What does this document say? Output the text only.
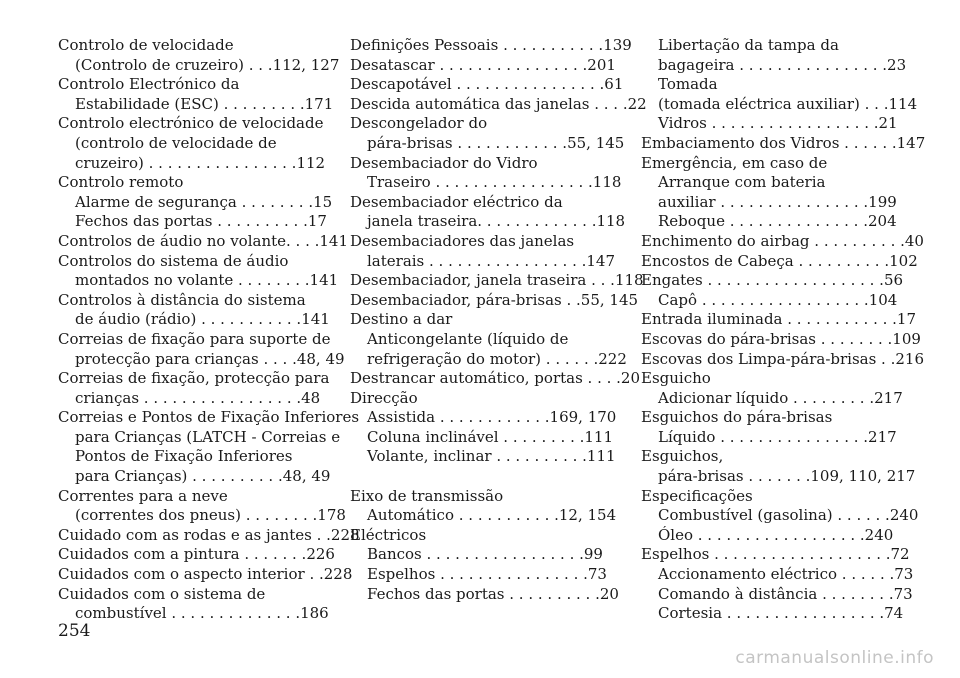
Controlo de velocidade
(Controlo de cruzeiro) . . .112, 127
Controlo Electrónico da
Estabilidade (ESC) . . . . . . . . .171
Controlo electrónico de velocidade
(controlo de velocidade de
cruzeiro) . . . . . . . . . . . . . . . .112
Controlo remoto
Alarme de segurança . . . . . . . .15
Fechos das portas . . . . . . . . . .17
Controlos de áudio no volante. . . .141
Controlos do sistema de áudio
montados no volante . . . . . . . .141
Controlos à distância do sistema
de áudio (rádio) . . . . . . . . . . .141
Correias de fixação para suporte de
protecção para crianças . . . .48, 49
Correias de fixação, protecção para
crianças . . . . . . . . . . . . . . . . .48
Correias e Pontos de Fixação Inferiores
para Crianças (LATCH - Correias e
Pontos de Fixação Inferiores
para Crianças) . . . . . . . . . .48, 49
Correntes para a neve
(correntes dos pneus) . . . . . . . .178
Cuidado com as rodas e as jantes . .228
Cuidados com a pintura . . . . . . .226
Cuidados com o aspecto interior . .228
Cuidados com o sistema de
combustível . . . . . . . . . . . . . .186
Definições Pessoais . . . . . . . . . . .139
Desatascar . . . . . . . . . . . . . . . .201
Descapotável . . . . . . . . . . . . . . . .61
Descida automática das janelas . . . .22
Descongelador do
pára-brisas . . . . . . . . . . . .55, 145
Desembaciador do Vidro
Traseiro . . . . . . . . . . . . . . . . .118
Desembaciador eléctrico da
janela traseira. . . . . . . . . . . . .118
Desembaciadores das janelas
laterais . . . . . . . . . . . . . . . . .147
Desembaciador, janela traseira . . .118
Desembaciador, pára-brisas . .55, 145
Destino a dar
Anticongelante (líquido de
refrigeração do motor) . . . . . .222
Destrancar automático, portas . . . .20
Direcção
Assistida . . . . . . . . . . . .169, 170
Coluna inclinável . . . . . . . . .111
Volante, inclinar . . . . . . . . . .111
Eixo de transmissão
Automático . . . . . . . . . . .12, 154
Eléctricos
Bancos . . . . . . . . . . . . . . . . .99
Espelhos . . . . . . . . . . . . . . . .73
Fechos das portas . . . . . . . . . .20
Libertação da tampa da
bagageira . . . . . . . . . . . . . . . .23
Tomada
(tomada eléctrica auxiliar) . . .114
Vidros . . . . . . . . . . . . . . . . . .21
Embaciamento dos Vidros . . . . . .147
Emergência, em caso de
Arranque com bateria
auxiliar . . . . . . . . . . . . . . . .199
Reboque . . . . . . . . . . . . . . .204
Enchimento do airbag . . . . . . . . . .40
Encostos de Cabeça . . . . . . . . . .102
Engates . . . . . . . . . . . . . . . . . . .56
Capô . . . . . . . . . . . . . . . . . .104
Entrada iluminada . . . . . . . . . . . .17
Escovas do pára-brisas . . . . . . . .109
Escovas dos Limpa-pára-brisas . .216
Esguicho
Adicionar líquido . . . . . . . . .217
Esguichos do pára-brisas
Líquido . . . . . . . . . . . . . . . .217
Esguichos,
pára-brisas . . . . . . .109, 110, 217
Especificações
Combustível (gasolina) . . . . . .240
Óleo . . . . . . . . . . . . . . . . . .240
Espelhos . . . . . . . . . . . . . . . . . . .72
Accionamento eléctrico . . . . . .73
Comando à distância . . . . . . . .73
Cortesia . . . . . . . . . . . . . . . . .74
254
carmanualsonline.info
